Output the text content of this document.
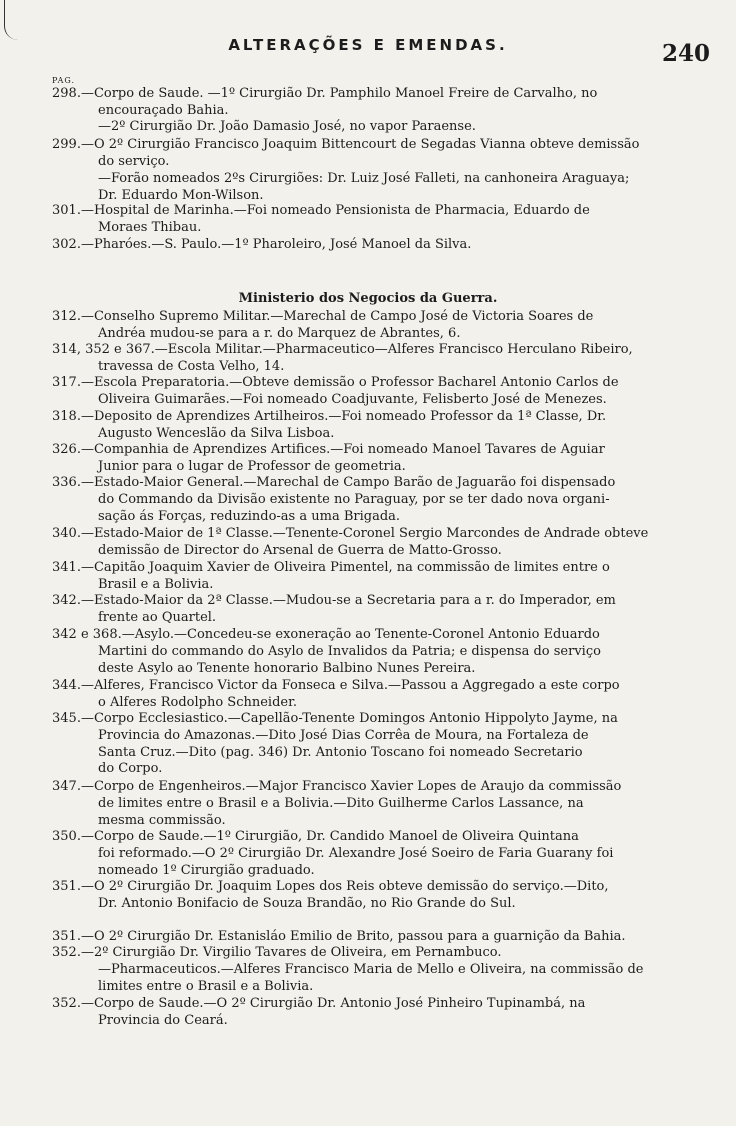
ALTERAÇÕES E EMENDAS.	240
PAG.
Ministerio dos Negocios da Guerra.
298.—Corpo de Saude. —1º Cirurgião Dr. Pamphilo Manoel Freire de Carvalho, no
encouraçado Bahia.
—2º Cirurgião Dr. João Damasio José, no vapor Paraense.
299.—O 2º Cirurgião Francisco Joaquim Bittencourt de Segadas Vianna obteve demissão
do serviço.
—Forão nomeados 2ºs Cirurgiões: Dr. Luiz José Falleti, na canhoneira Araguaya;
Dr. Eduardo Mon-Wilson.
301.—Hospital de Marinha.—Foi nomeado Pensionista de Pharmacia, Eduardo de
Moraes Thibau.
302.—Pharóes.—S. Paulo.—1º Pharoleiro, José Manoel da Silva.
312.—Conselho Supremo Militar.—Marechal de Campo José de Victoria Soares de
Andréa mudou-se para a r. do Marquez de Abrantes, 6.
314, 352 e 367.—Escola Militar.—Pharmaceutico—Alferes Francisco Herculano Ribeiro,
travessa de Costa Velho, 14.
317.—Escola Preparatoria.—Obteve demissão o Professor Bacharel Antonio Carlos de
Oliveira Guimarães.—Foi nomeado Coadjuvante, Felisberto José de Menezes.
318.—Deposito de Aprendizes Artilheiros.—Foi nomeado Professor da 1ª Classe, Dr.
Augusto Wenceslão da Silva Lisboa.
326.—Companhia de Aprendizes Artifices.—Foi nomeado Manoel Tavares de Aguiar
Junior para o lugar de Professor de geometria.
336.—Estado-Maior General.—Marechal de Campo Barão de Jaguarão foi dispensado
do Commando da Divisão existente no Paraguay, por se ter dado nova organi-
sação ás Forças, reduzindo-as a uma Brigada.
340.—Estado-Maior de 1ª Classe.—Tenente-Coronel Sergio Marcondes de Andrade obteve
demissão de Director do Arsenal de Guerra de Matto-Grosso.
341.—Capitão Joaquim Xavier de Oliveira Pimentel, na commissão de limites entre o
Brasil e a Bolivia.
342.—Estado-Maior da 2ª Classe.—Mudou-se a Secretaria para a r. do Imperador, em
frente ao Quartel.
342 e 368.—Asylo.—Concedeu-se exoneração ao Tenente-Coronel Antonio Eduardo
Martini do commando do Asylo de Invalidos da Patria; e dispensa do serviço
deste Asylo ao Tenente honorario Balbino Nunes Pereira.
344.—Alferes, Francisco Victor da Fonseca e Silva.—Passou a Aggregado a este corpo
o Alferes Rodolpho Schneider.
345.—Corpo Ecclesiastico.—Capellão-Tenente Domingos Antonio Hippolyto Jayme, na
Provincia do Amazonas.—Dito José Dias Corrêa de Moura, na Fortaleza de
Santa Cruz.—Dito (pag. 346) Dr. Antonio Toscano foi nomeado Secretario
do Corpo.
347.—Corpo de Engenheiros.—Major Francisco Xavier Lopes de Araujo da commissão
de limites entre o Brasil e a Bolivia.—Dito Guilherme Carlos Lassance, na
mesma commissão.
350.—Corpo de Saude.—1º Cirurgião, Dr. Candido Manoel de Oliveira Quintana
foi reformado.—O 2º Cirurgião Dr. Alexandre José Soeiro de Faria Guarany foi
nomeado 1º Cirurgião graduado.
351.—O 2º Cirurgião Dr. Joaquim Lopes dos Reis obteve demissão do serviço.—Dito,
Dr. Antonio Bonifacio de Souza Brandão, no Rio Grande do Sul.
351.—O 2º Cirurgião Dr. Estanisláo Emilio de Brito, passou para a guarnição da Bahia.
352.—2º Cirurgião Dr. Virgilio Tavares de Oliveira, em Pernambuco.
—Pharmaceuticos.—Alferes Francisco Maria de Mello e Oliveira, na commissão de
limites entre o Brasil e a Bolivia.
352.—Corpo de Saude.—O 2º Cirurgião Dr. Antonio José Pinheiro Tupinambá, na
Provincia do Ceará.
